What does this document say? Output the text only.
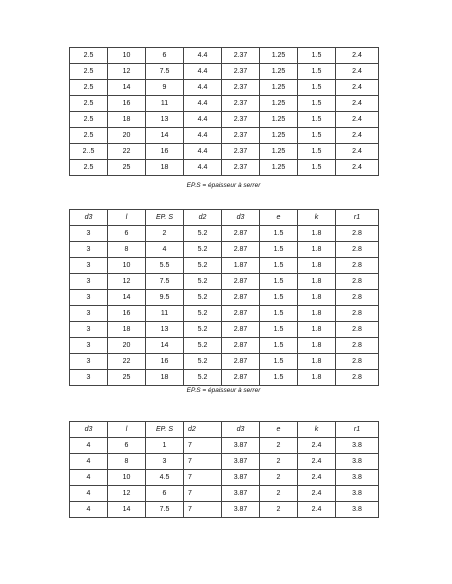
2.5	10	6	4.4	2.37	1.25	1.5	2.4
2.5	12	7.5	4.4	2.37	1.25	1.5	2.4
2.5	14	9	4.4	2.37	1.25	1.5	2.4
2.5	16	11	4.4	2.37	1.25	1.5	2.4
2.5	18	13	4.4	2.37	1.25	1.5	2.4
2.5	20	14	4.4	2.37	1.25	1.5	2.4
2..5	22	16	4.4	2.37	1.25	1.5	2.4
2.5	25	18	4.4	2.37	1.25	1.5	2.4
EP.S = épaisseur à serrer
d3	l	EP. S	d2	d3	e	k	r1
3	6	2	5.2	2.87	1.5	1.8	2.8
3	8	4	5.2	2.87	1.5	1.8	2.8
3	10	5.5	5.2	1.87	1.5	1.8	2.8
3	12	7.5	5.2	2.87	1.5	1.8	2.8
3	14	9.5	5.2	2.87	1.5	1.8	2.8
3	16	11	5.2	2.87	1.5	1.8	2.8
3	18	13	5.2	2.87	1.5	1.8	2.8
3	20	14	5.2	2.87	1.5	1.8	2.8
3	22	16	5.2	2.87	1.5	1.8	2.8
3	25	18	5.2	2.87	1.5	1.8	2.8
EP.S = épaisseur à serrer
d3	l	EP. S	d2	d3	e	k	r1
4	6	1	7	3.87	2	2.4	3.8
4	8	3	7	3.87	2	2.4	3.8
4	10	4.5	7	3.87	2	2.4	3.8
4	12	6	7	3.87	2	2.4	3.8
4	14	7.5	7	3.87	2	2.4	3.8
